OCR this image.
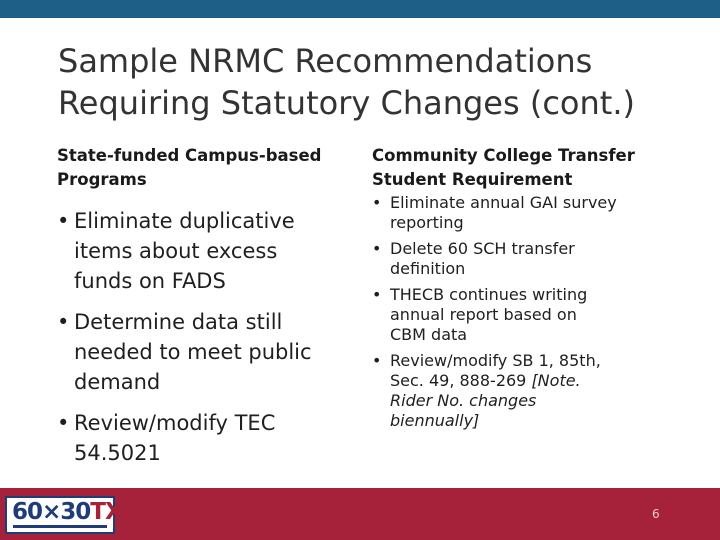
Sample NRMC Recommendations
Requiring Statutory Changes (cont.)
State-funded Campus-based
Programs
• Eliminate duplicative
items about excess
funds on FADS
• Determine data still
needed to meet public
demand
• Review/modify TEC
54.5021
Community College Transfer
Student Requirement
• Eliminate annual GAI survey
reporting
• Delete 60 SCH transfer
definition
• THECB continues writing
annual report based on
CBM data
• Review/modify SB 1, 85th,
Sec. 49, 888-269 [Note.
Rider No. changes
biennually]
60×30TX	6
